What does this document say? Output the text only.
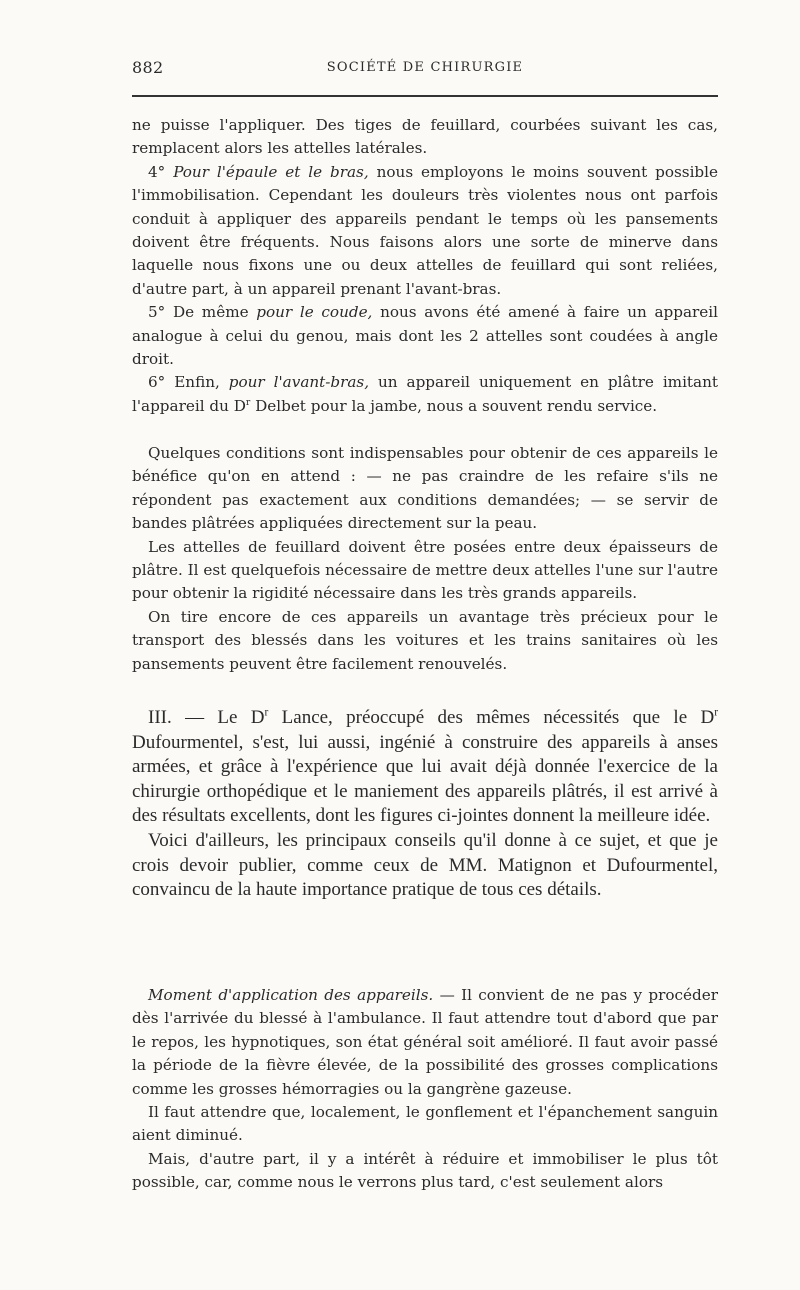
882	SOCIÉTÉ DE CHIRURGIE

ne puisse l'appliquer. Des tiges de feuillard, courbées suivant les cas, remplacent alors les attelles latérales.

4° Pour l'épaule et le bras, nous employons le moins souvent possible l'immobilisation. Cependant les douleurs très violentes nous ont parfois conduit à appliquer des appareils pendant le temps où les pansements doivent être fréquents. Nous faisons alors une sorte de minerve dans laquelle nous fixons une ou deux attelles de feuillard qui sont reliées, d'autre part, à un appareil prenant l'avant-bras.

5° De même pour le coude, nous avons été amené à faire un appareil analogue à celui du genou, mais dont les 2 attelles sont coudées à angle droit.

6° Enfin, pour l'avant-bras, un appareil uniquement en plâtre imitant l'appareil du $D^r$ Delbet pour la jambe, nous a souvent rendu service.

Quelques conditions sont indispensables pour obtenir de ces appareils le bénéfice qu'on en attend : — ne pas craindre de les refaire s'ils ne répondent pas exactement aux conditions demandées; — se servir de bandes plâtrées appliquées directement sur la peau.

Les attelles de feuillard doivent être posées entre deux épaisseurs de plâtre. Il est quelquefois nécessaire de mettre deux attelles l'une sur l'autre pour obtenir la rigidité nécessaire dans les très grands appareils.

On tire encore de ces appareils un avantage très précieux pour le transport des blessés dans les voitures et les trains sanitaires où les pansements peuvent être facilement renouvelés.

III. — Le $D^r$ Lance, préoccupé des mêmes nécessités que le $D^r$ Dufourmentel, s'est, lui aussi, ingénié à construire des appareils à anses armées, et grâce à l'expérience que lui avait déjà donnée l'exercice de la chirurgie orthopédique et le maniement des appareils plâtrés, il est arrivé à des résultats excellents, dont les figures ci-jointes donnent la meilleure idée.

Voici d'ailleurs, les principaux conseils qu'il donne à ce sujet, et que je crois devoir publier, comme ceux de MM. Matignon et Dufourmentel, convaincu de la haute importance pratique de tous ces détails.

Moment d'application des appareils. — Il convient de ne pas y procéder dès l'arrivée du blessé à l'ambulance. Il faut attendre tout d'abord que par le repos, les hypnotiques, son état général soit amélioré. Il faut avoir passé la période de la fièvre élevée, de la possibilité des grosses complications comme les grosses hémorragies ou la gangrène gazeuse.

Il faut attendre que, localement, le gonflement et l'épanchement sanguin aient diminué.

Mais, d'autre part, il y a intérêt à réduire et immobiliser le plus tôt possible, car, comme nous le verrons plus tard, c'est seulement alors
